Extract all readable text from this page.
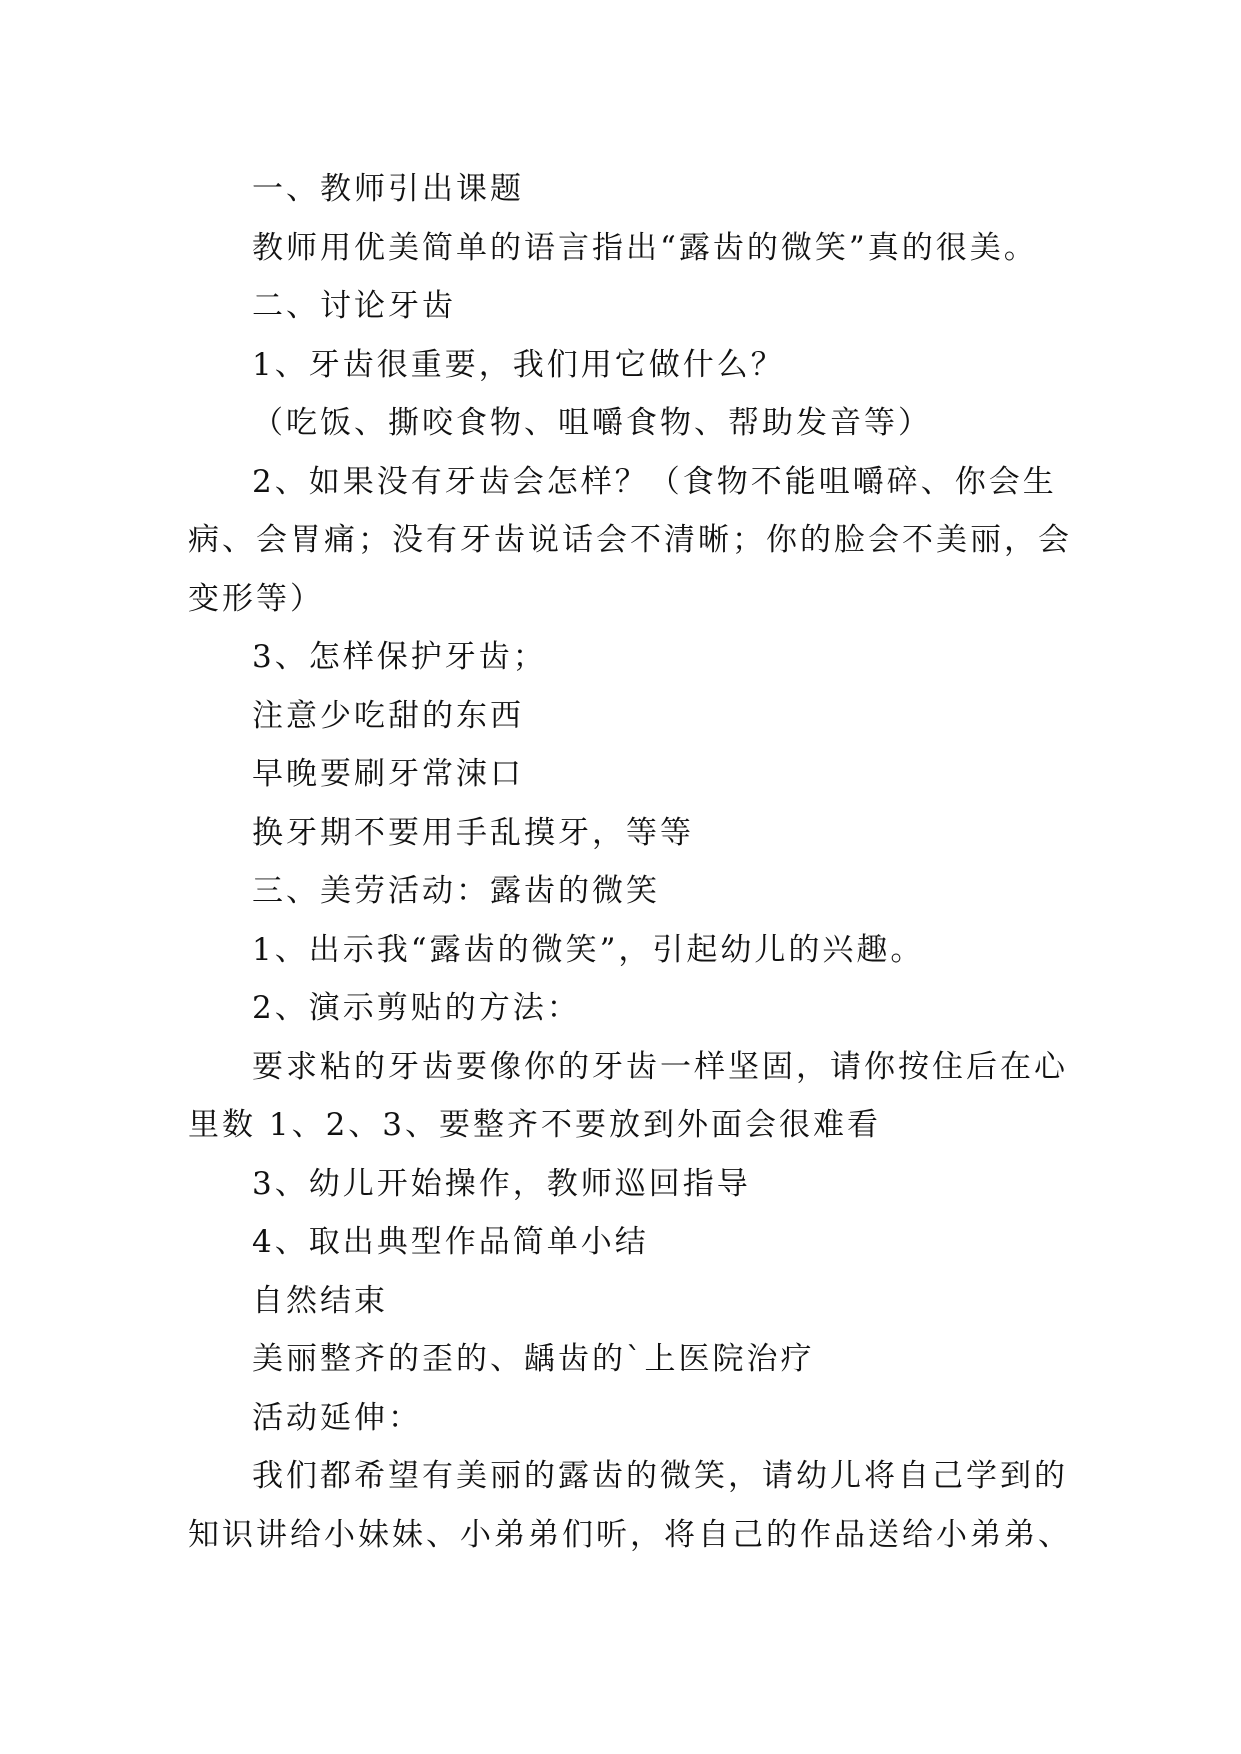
一、教师引出课题
教师用优美简单的语言指出“露齿的微笑”真的很美。
二、讨论牙齿
1、牙齿很重要，我们用它做什么？
（吃饭、撕咬食物、咀嚼食物、帮助发音等）
2、如果没有牙齿会怎样？（食物不能咀嚼碎、你会生
病、会胃痛；没有牙齿说话会不清晰；你的脸会不美丽，会
变形等）
3、怎样保护牙齿；
注意少吃甜的东西
早晚要刷牙常涑口
换牙期不要用手乱摸牙，等等
三、美劳活动：露齿的微笑
1、出示我“露齿的微笑”，引起幼儿的兴趣。
2、演示剪贴的方法：
要求粘的牙齿要像你的牙齿一样坚固，请你按住后在心
里数 1、2、3、要整齐不要放到外面会很难看
3、幼儿开始操作，教师巡回指导
4、取出典型作品简单小结
自然结束
美丽整齐的歪的、龋齿的`上医院治疗
活动延伸：
我们都希望有美丽的露齿的微笑，请幼儿将自己学到的
知识讲给小妹妹、小弟弟们听，将自己的作品送给小弟弟、
